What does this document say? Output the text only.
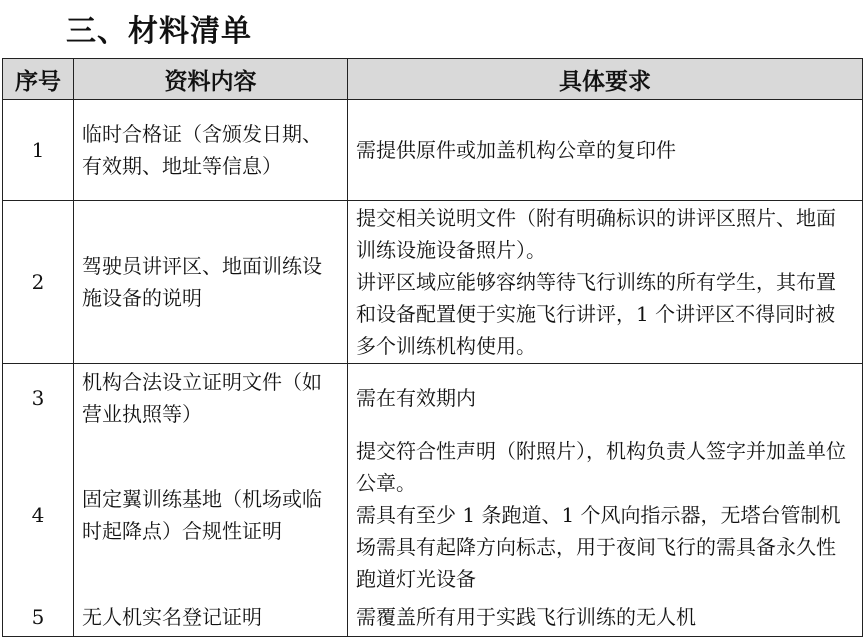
三、材料清单
序号	资料内容	具体要求
1	临时合格证（含颁发日期、有效期、地址等信息）	需提供原件或加盖机构公章的复印件

2	驾驶员讲评区、地面训练设施设备的说明	提交相关说明文件（附有明确标识的讲评区照片、地面训练设施设备照片）。

讲评区域应能够容纳等待飞行训练的所有学生，其布置和设备配置便于实施飞行讲评，1 个讲评区不得同时被多个训练机构使用。

3	机构合法设立证明文件（如营业执照等）	需在有效期内

4	固定翼训练基地（机场或临时起降点）合规性证明	提交符合性声明（附照片），机构负责人签字并加盖单位公章。

需具有至少 1 条跑道、1 个风向指示器，无塔台管制机场需具有起降方向标志，用于夜间飞行的需具备永久性跑道灯光设备

5	无人机实名登记证明	需覆盖所有用于实践飞行训练的无人机
